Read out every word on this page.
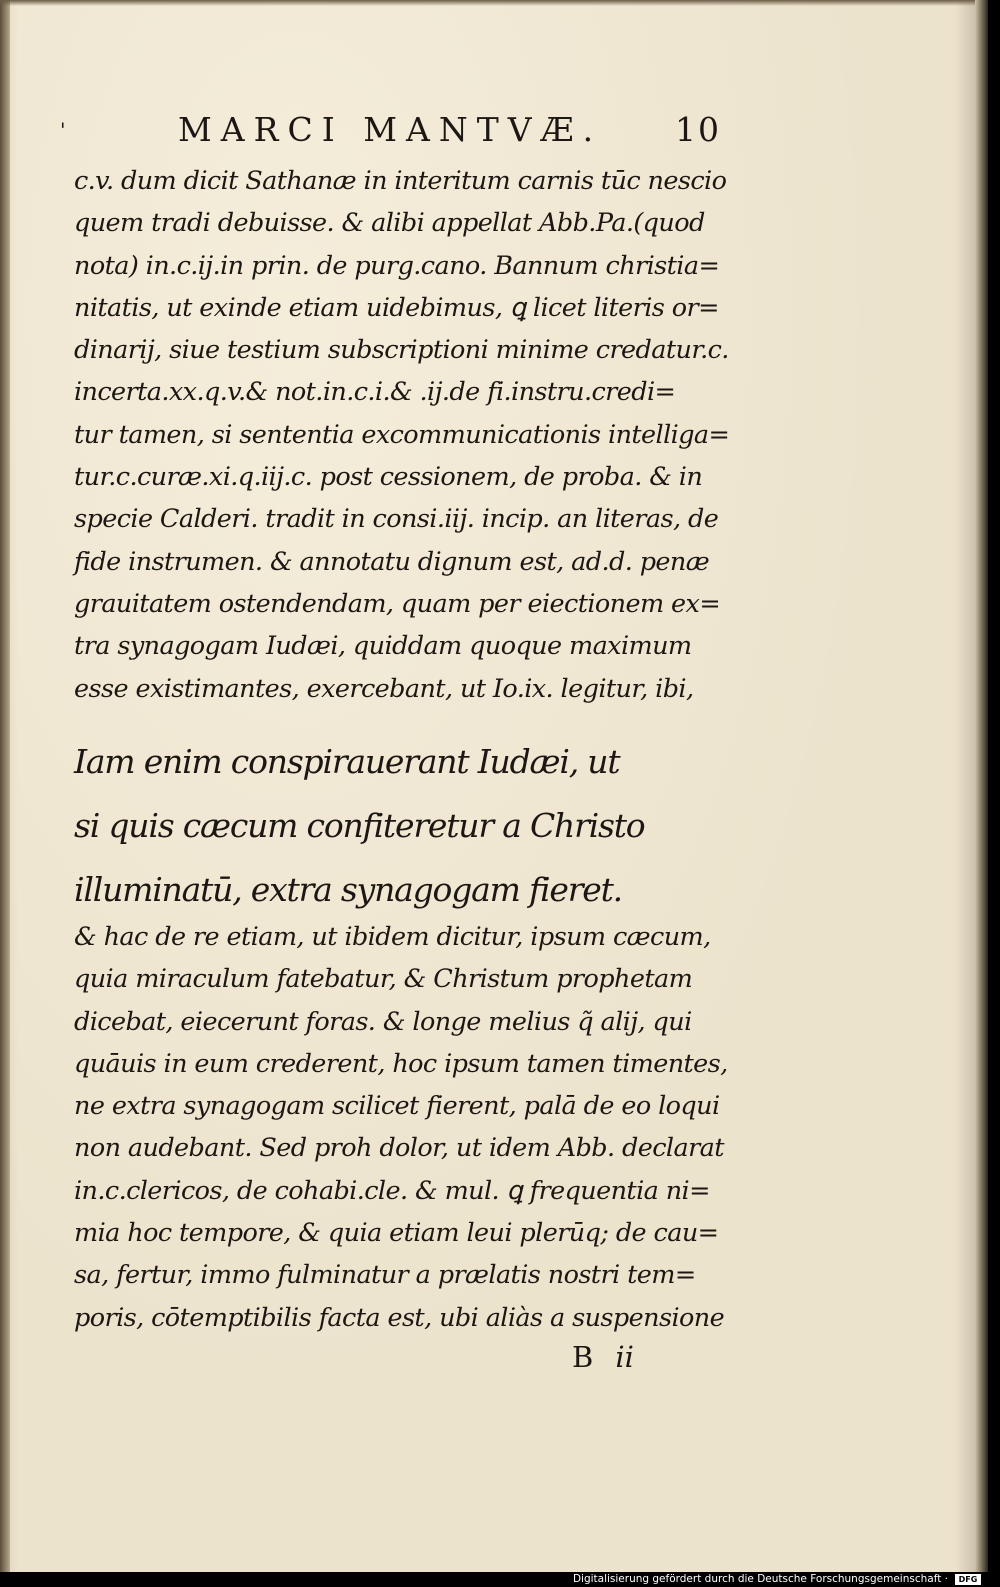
'	MARCI MANTVÆ. 10
c.v. dum dicit Sathanæ in interitum carnis tūc nescio
quem tradi debuisse. & alibi appellat Abb.Pa.(quod
nota) in.c.ij.in prin. de purg.cano. Bannum christia=
nitatis, ut exinde etiam uidebimus, ꝗ licet literis or=
dinarij, siue testium subscriptioni minime credatur.c.
incerta.xx.q.v.& not.in.c.i.& .ij.de fi.instru.credi=
tur tamen, si sententia excommunicationis intelliga=
tur.c.curæ.xi.q.iij.c. post cessionem, de proba. & in
specie Calderi. tradit in consi.iij. incip. an literas, de
fide instrumen. & annotatu dignum est, ad.d. penæ
grauitatem ostendendam, quam per eiectionem ex=
tra synagogam Iudæi, quiddam quoque maximum
esse existimantes, exercebant, ut Io.ix. legitur, ibi,
Iam enim conspirauerant Iudæi, ut
si quis cæcum confiteretur a Christo
illuminatū, extra synagogam fieret.
& hac de re etiam, ut ibidem dicitur, ipsum cæcum,
quia miraculum fatebatur, & Christum prophetam
dicebat, eiecerunt foras. & longe melius q̃ alij, qui
quāuis in eum crederent, hoc ipsum tamen timentes,
ne extra synagogam scilicet fierent, palā de eo loqui
non audebant. Sed proh dolor, ut idem Abb. declarat
in.c.clericos, de cohabi.cle. & mul. ꝗ frequentia ni=
mia hoc tempore, & quia etiam leui plerūq; de cau=
sa, fertur, immo fulminatur a prælatis nostri tem=
poris, cōtemptibilis facta est, ubi aliàs a suspensione
B ii
Digitalisierung gefördert durch die Deutsche Forschungsgemeinschaft ·	DFG
